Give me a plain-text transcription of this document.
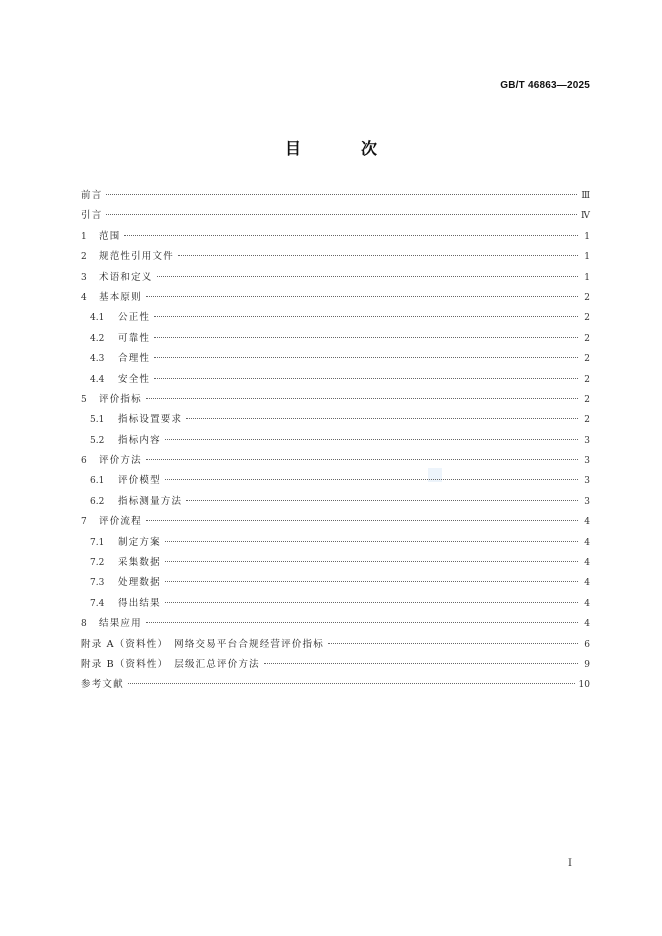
GB/T 46863—2025
目　次
前言	Ⅲ
引言	Ⅳ
1	范围	1
2	规范性引用文件	1
3	术语和定义	1
4	基本原则	2
4.1	公正性	2
4.2	可靠性	2
4.3	合理性	2
4.4	安全性	2
5	评价指标	2
5.1	指标设置要求	2
5.2	指标内容	3
6	评价方法	3
6.1	评价模型	3
6.2	指标测量方法	3
7	评价流程	4
7.1	制定方案	4
7.2	采集数据	4
7.3	处理数据	4
7.4	得出结果	4
8	结果应用	4
附录 A（资料性）　网络交易平台合规经营评价指标	6
附录 B（资料性）　层级汇总评价方法	9
参考文献	10
I
